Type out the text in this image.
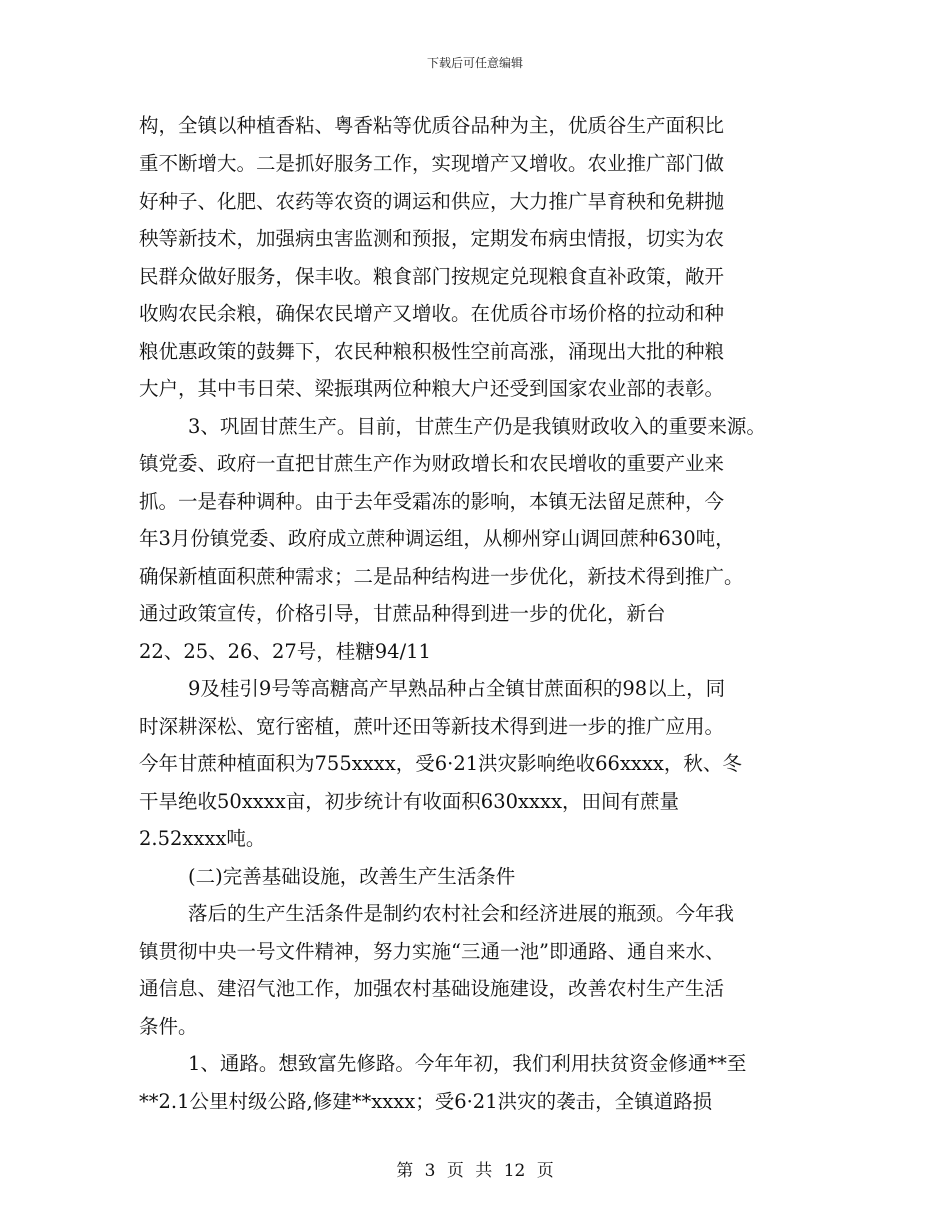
下载后可任意编辑
构，全镇以种植香粘、粤香粘等优质谷品种为主，优质谷生产面积比
重不断增大。二是抓好服务工作，实现增产又增收。农业推广部门做
好种子、化肥、农药等农资的调运和供应，大力推广旱育秧和免耕抛
秧等新技术，加强病虫害监测和预报，定期发布病虫情报，切实为农
民群众做好服务，保丰收。粮食部门按规定兑现粮食直补政策，敞开
收购农民余粮，确保农民增产又增收。在优质谷市场价格的拉动和种
粮优惠政策的鼓舞下，农民种粮积极性空前高涨，涌现出大批的种粮
大户，其中韦日荣、梁振琪两位种粮大户还受到国家农业部的表彰。
3、巩固甘蔗生产。目前，甘蔗生产仍是我镇财政收入的重要来源。
镇党委、政府一直把甘蔗生产作为财政增长和农民增收的重要产业来
抓。一是春种调种。由于去年受霜冻的影响，本镇无法留足蔗种，今
年3月份镇党委、政府成立蔗种调运组，从柳州穿山调回蔗种630吨，
确保新植面积蔗种需求；二是品种结构进一步优化，新技术得到推广。
通过政策宣传，价格引导，甘蔗品种得到进一步的优化，新台
22、25、26、27号，桂糖94/11
9及桂引9号等高糖高产早熟品种占全镇甘蔗面积的98以上，同
时深耕深松、宽行密植，蔗叶还田等新技术得到进一步的推广应用。
今年甘蔗种植面积为755xxxx，受6·21洪灾影响绝收66xxxx，秋、冬
干旱绝收50xxxx亩，初步统计有收面积630xxxx，田间有蔗量
2.52xxxx吨。
(二)完善基础设施，改善生产生活条件
落后的生产生活条件是制约农村社会和经济进展的瓶颈。今年我
镇贯彻中央一号文件精神，努力实施“三通一池”即通路、通自来水、
通信息、建沼气池工作，加强农村基础设施建设，改善农村生产生活
条件。
1、通路。想致富先修路。今年年初，我们利用扶贫资金修通**至
**2.1公里村级公路,修建**xxxx；受6·21洪灾的袭击，全镇道路损
第 3 页 共 12 页
